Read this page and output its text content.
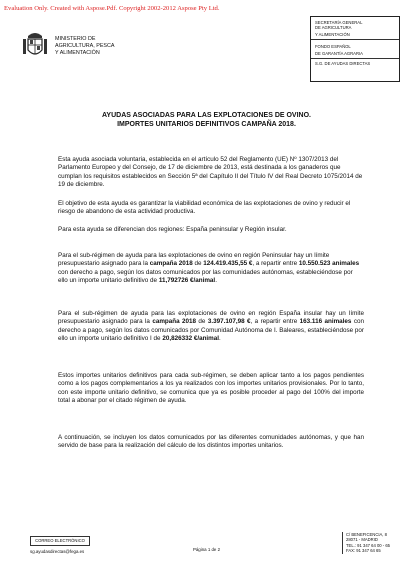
Evaluation Only. Created with Aspose.Pdf. Copyright 2002-2012 Aspose Pty Ltd.
MINISTERIO DE
AGRICULTURA, PESCA
Y ALIMENTACIÓN
SECRETARÍA GENERAL
DE AGRICULTURA
Y ALIMENTACIÓN
FONDO ESPAÑOL
DE GARANTÍA AGRARIA
S.G. DE AYUDAS DIRECTAS
AYUDAS ASOCIADAS PARA LAS EXPLOTACIONES DE OVINO.
IMPORTES UNITARIOS DEFINITIVOS CAMPAÑA 2018.
Esta ayuda asociada voluntaria, establecida en el artículo 52 del Reglamento (UE) Nº 1307/2013 del Parlamento Europeo y del Consejo, de 17 de diciembre de 2013, está destinada a los ganaderos que cumplan los requisitos establecidos en Sección 5ª del Capítulo II del Título IV del Real Decreto 1075/2014 de 19 de diciembre.
El objetivo de esta ayuda es garantizar la viabilidad económica de las explotaciones de ovino y reducir el riesgo de abandono de esta actividad productiva.
Para esta ayuda se diferencian dos regiones: España peninsular y Región insular.
Para el sub-régimen de ayuda para las explotaciones de ovino en región Peninsular hay un límite presupuestario asignado para la campaña 2018 de 124.419.435,55 €, a repartir entre 10.550.523 animales con derecho a pago, según los datos comunicados por las comunidades autónomas, estableciéndose por ello un importe unitario definitivo de 11,792726 €/animal.
Para el sub-régimen de ayuda para las explotaciones de ovino en región España insular hay un límite presupuestario asignado para la campaña 2018 de 3.397.107,98 €, a repartir entre 163.116 animales con derecho a pago, según los datos comunicados por Comunidad Autónoma de I. Baleares, estableciéndose por ello un importe unitario definitivo I de 20,826332 €/animal.
Estos importes unitarios definitivos para cada sub-régimen, se deben aplicar tanto a los pagos pendientes como a los pagos complementarios a los ya realizados con los importes unitarios provisionales. Por lo tanto, con este importe unitario definitivo, se comunica que ya es posible proceder al pago del 100% del importe total a abonar por el citado régimen de ayuda.
A continuación, se incluyen los datos comunicados por las diferentes comunidades autónomas, y que han servido de base para la realización del cálculo de los distintos importes unitarios.
CORREO ELECTRÓNICO
sg.ayudasdirectas@fega.es	Página 1 de 2
C/ BENEFICENCIA, 8
28071 - MADRID
TEL.: 91 347 64 00 - 65
FAX: 91 347 64 65
